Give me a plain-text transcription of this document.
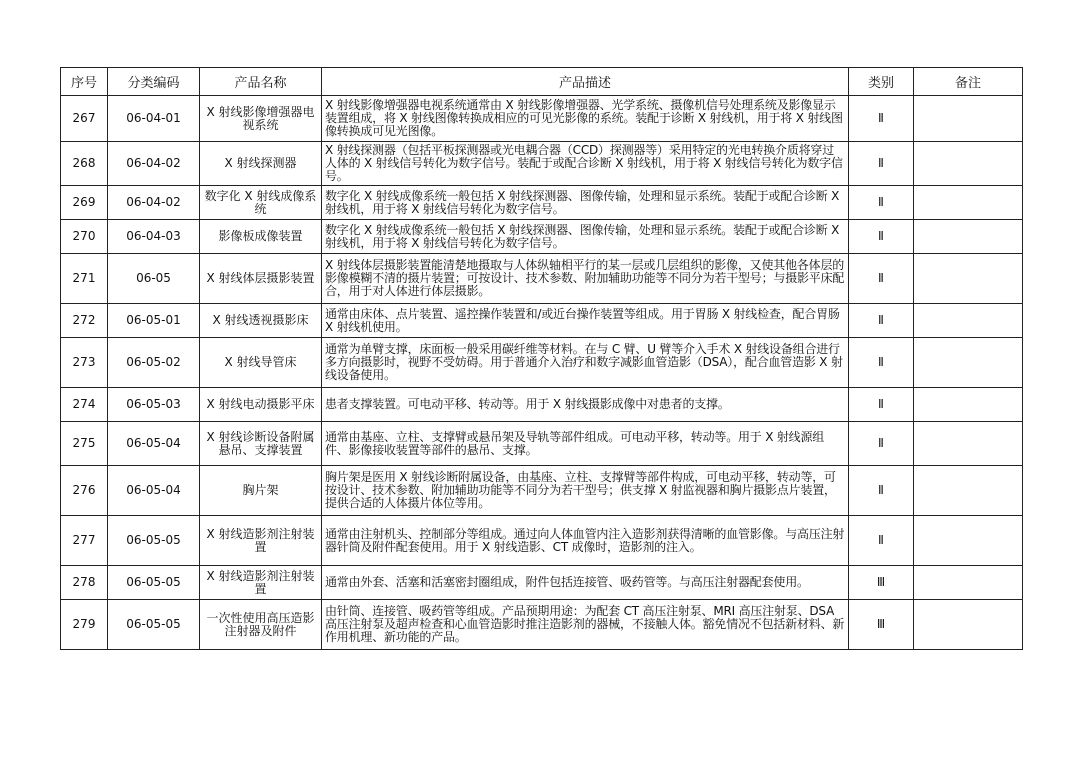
序号	分类编码	产品名称	产品描述	类别	备注
267	06-04-01	X 射线影像增强器电视系统	X 射线影像增强器电视系统通常由 X 射线影像增强器、光学系统、摄像机信号处理系统及影像显示装置组成，将 X 射线图像转换成相应的可见光影像的系统。装配于诊断 X 射线机，用于将 X 射线图像转换成可见光图像。	Ⅱ	
268	06-04-02	X 射线探测器	X 射线探测器（包括平板探测器或光电耦合器（CCD）探测器等）采用特定的光电转换介质将穿过人体的 X 射线信号转化为数字信号。装配于或配合诊断 X 射线机，用于将 X 射线信号转化为数字信号。	Ⅱ	
269	06-04-02	数字化 X 射线成像系统	数字化 X 射线成像系统一般包括 X 射线探测器、图像传输，处理和显示系统。装配于或配合诊断 X 射线机，用于将 X 射线信号转化为数字信号。	Ⅱ	
270	06-04-03	影像板成像装置	数字化 X 射线成像系统一般包括 X 射线探测器、图像传输，处理和显示系统。装配于或配合诊断 X 射线机，用于将 X 射线信号转化为数字信号。	Ⅱ	
271	06-05	X 射线体层摄影装置	X 射线体层摄影装置能清楚地摄取与人体纵轴相平行的某一层或几层组织的影像，又使其他各体层的影像模糊不清的摄片装置；可按设计、技术参数、附加辅助功能等不同分为若干型号；与摄影平床配合，用于对人体进行体层摄影。	Ⅱ	
272	06-05-01	X 射线透视摄影床	通常由床体、点片装置、遥控操作装置和/或近台操作装置等组成。用于胃肠 X 射线检查，配合胃肠 X 射线机使用。	Ⅱ	
273	06-05-02	X 射线导管床	通常为单臂支撑，床面板一般采用碳纤维等材料。在与 C 臂、U 臂等介入手术 X 射线设备组合进行多方向摄影时，视野不受妨碍。用于普通介入治疗和数字减影血管造影（DSA），配合血管造影 X 射线设备使用。	Ⅱ	
274	06-05-03	X 射线电动摄影平床	患者支撑装置。可电动平移、转动等。用于 X 射线摄影成像中对患者的支撑。	Ⅱ	
275	06-05-04	X 射线诊断设备附属悬吊、支撑装置	通常由基座、立柱、支撑臂或悬吊架及导轨等部件组成。可电动平移，转动等。用于 X 射线源组件、影像接收装置等部件的悬吊、支撑。	Ⅱ	
276	06-05-04	胸片架	胸片架是医用 X 射线诊断附属设备，由基座、立柱、支撑臂等部件构成，可电动平移，转动等，可按设计、技术参数、附加辅助功能等不同分为若干型号；供支撑 X 射监视器和胸片摄影点片装置，提供合适的人体摄片体位等用。	Ⅱ	
277	06-05-05	X 射线造影剂注射装置	通常由注射机头、控制部分等组成。通过向人体血管内注入造影剂获得清晰的血管影像。与高压注射器针筒及附件配套使用。用于 X 射线造影、CT 成像时，造影剂的注入。	Ⅱ	
278	06-05-05	X 射线造影剂注射装置	通常由外套、活塞和活塞密封圈组成，附件包括连接管、吸药管等。与高压注射器配套使用。	Ⅲ	
279	06-05-05	一次性使用高压造影注射器及附件	由针筒、连接管、吸药管等组成。产品预期用途：为配套 CT 高压注射泵、MRI 高压注射泵、DSA 高压注射泵及超声检查和心血管造影时推注造影剂的器械，不接触人体。豁免情况不包括新材料、新作用机理、新功能的产品。	Ⅲ	
